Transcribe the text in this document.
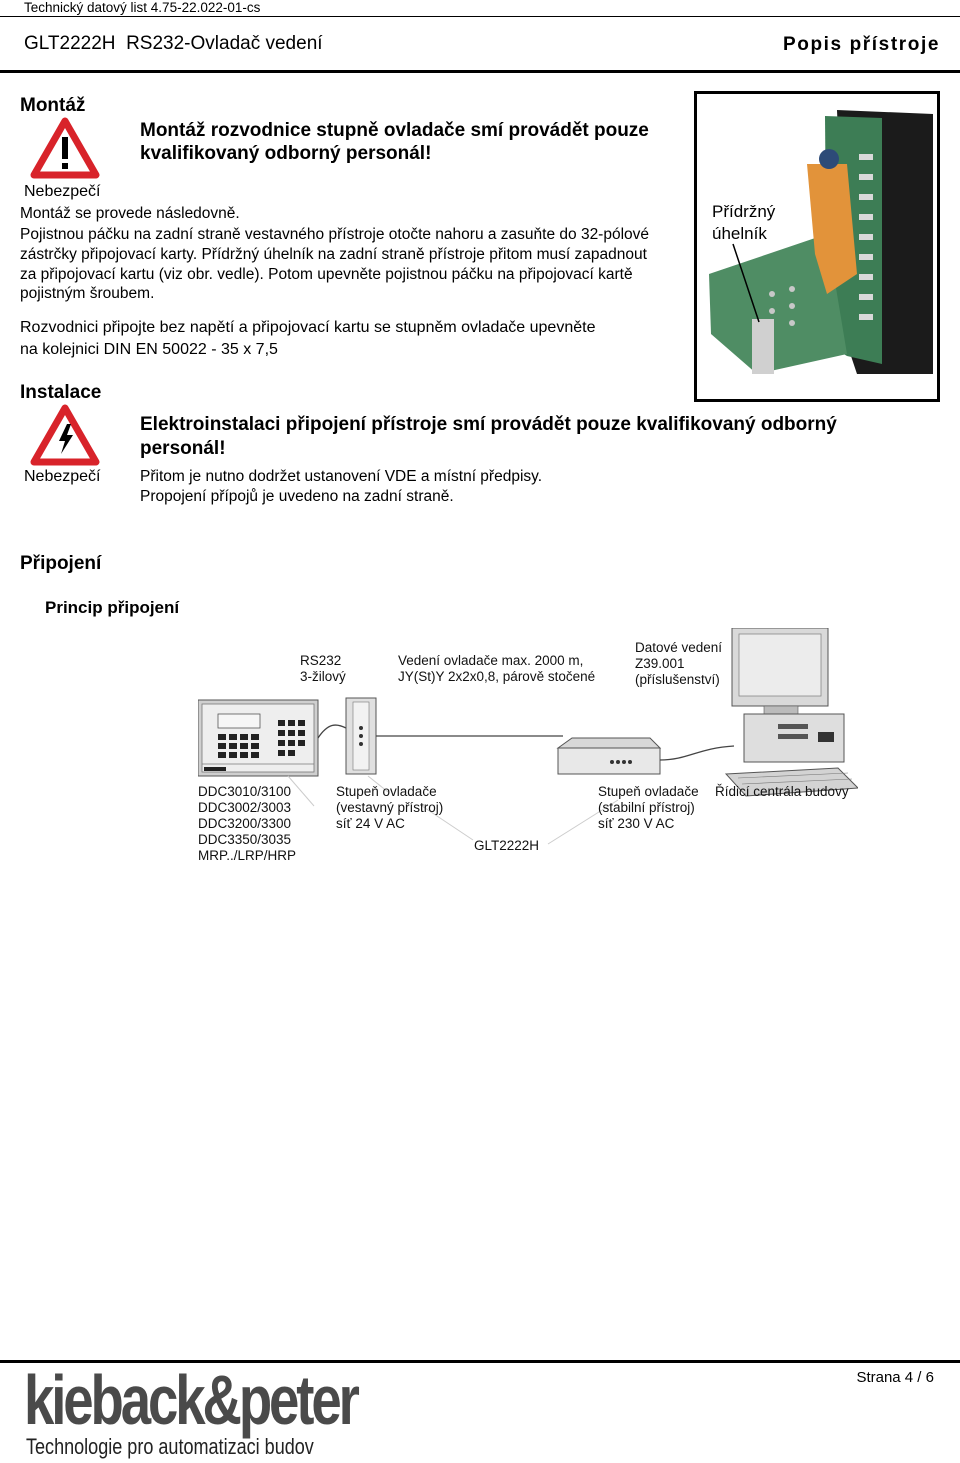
Technický datový list 4.75-22.022-01-cs
GLT2222H  RS232-Ovladač vedení	Popis přístroje
Montáž
Montáž rozvodnice stupně ovladače smí provádět pouze kvalifikovaný odborný personál!
Nebezpečí
Montáž se provede následovně.
Pojistnou páčku na zadní straně vestavného přístroje otočte nahoru a zasuňte do 32-pólové
zástrčky připojovací karty. Přídržný úhelník na zadní straně přístroje přitom musí zapadnout
za připojovací kartu (viz obr. vedle). Potom upevněte pojistnou páčku na připojovací kartě
pojistným šroubem.
Rozvodnici připojte bez napětí a připojovací kartu se stupněm ovladače upevněte
na kolejnici DIN EN 50022 - 35 x 7,5
Přídržný
úhelník
Instalace
Nebezpečí
Elektroinstalaci připojení přístroje smí provádět pouze kvalifikovaný odborný
personál!
Přitom je nutno dodržet ustanovení VDE a místní předpisy.
Propojení přípojů je uvedeno na zadní straně.
Připojení
Princip připojení
RS232
3-žilový
Vedení ovladače max. 2000 m,
JY(St)Y 2x2x0,8, párově stočené
Datové vedení
Z39.001
(příslušenství)
DDC3010/3100
DDC3002/3003
DDC3200/3300
DDC3350/3035
MRP../LRP/HRP
Stupeň ovladače
(vestavný přístroj)
síť 24 V AC
GLT2222H
Stupeň ovladače
(stabilní přístroj)
síť 230 V AC
Řídicí centrála budovy
Strana 4 / 6
kieback&peter
Technologie pro automatizaci budov
